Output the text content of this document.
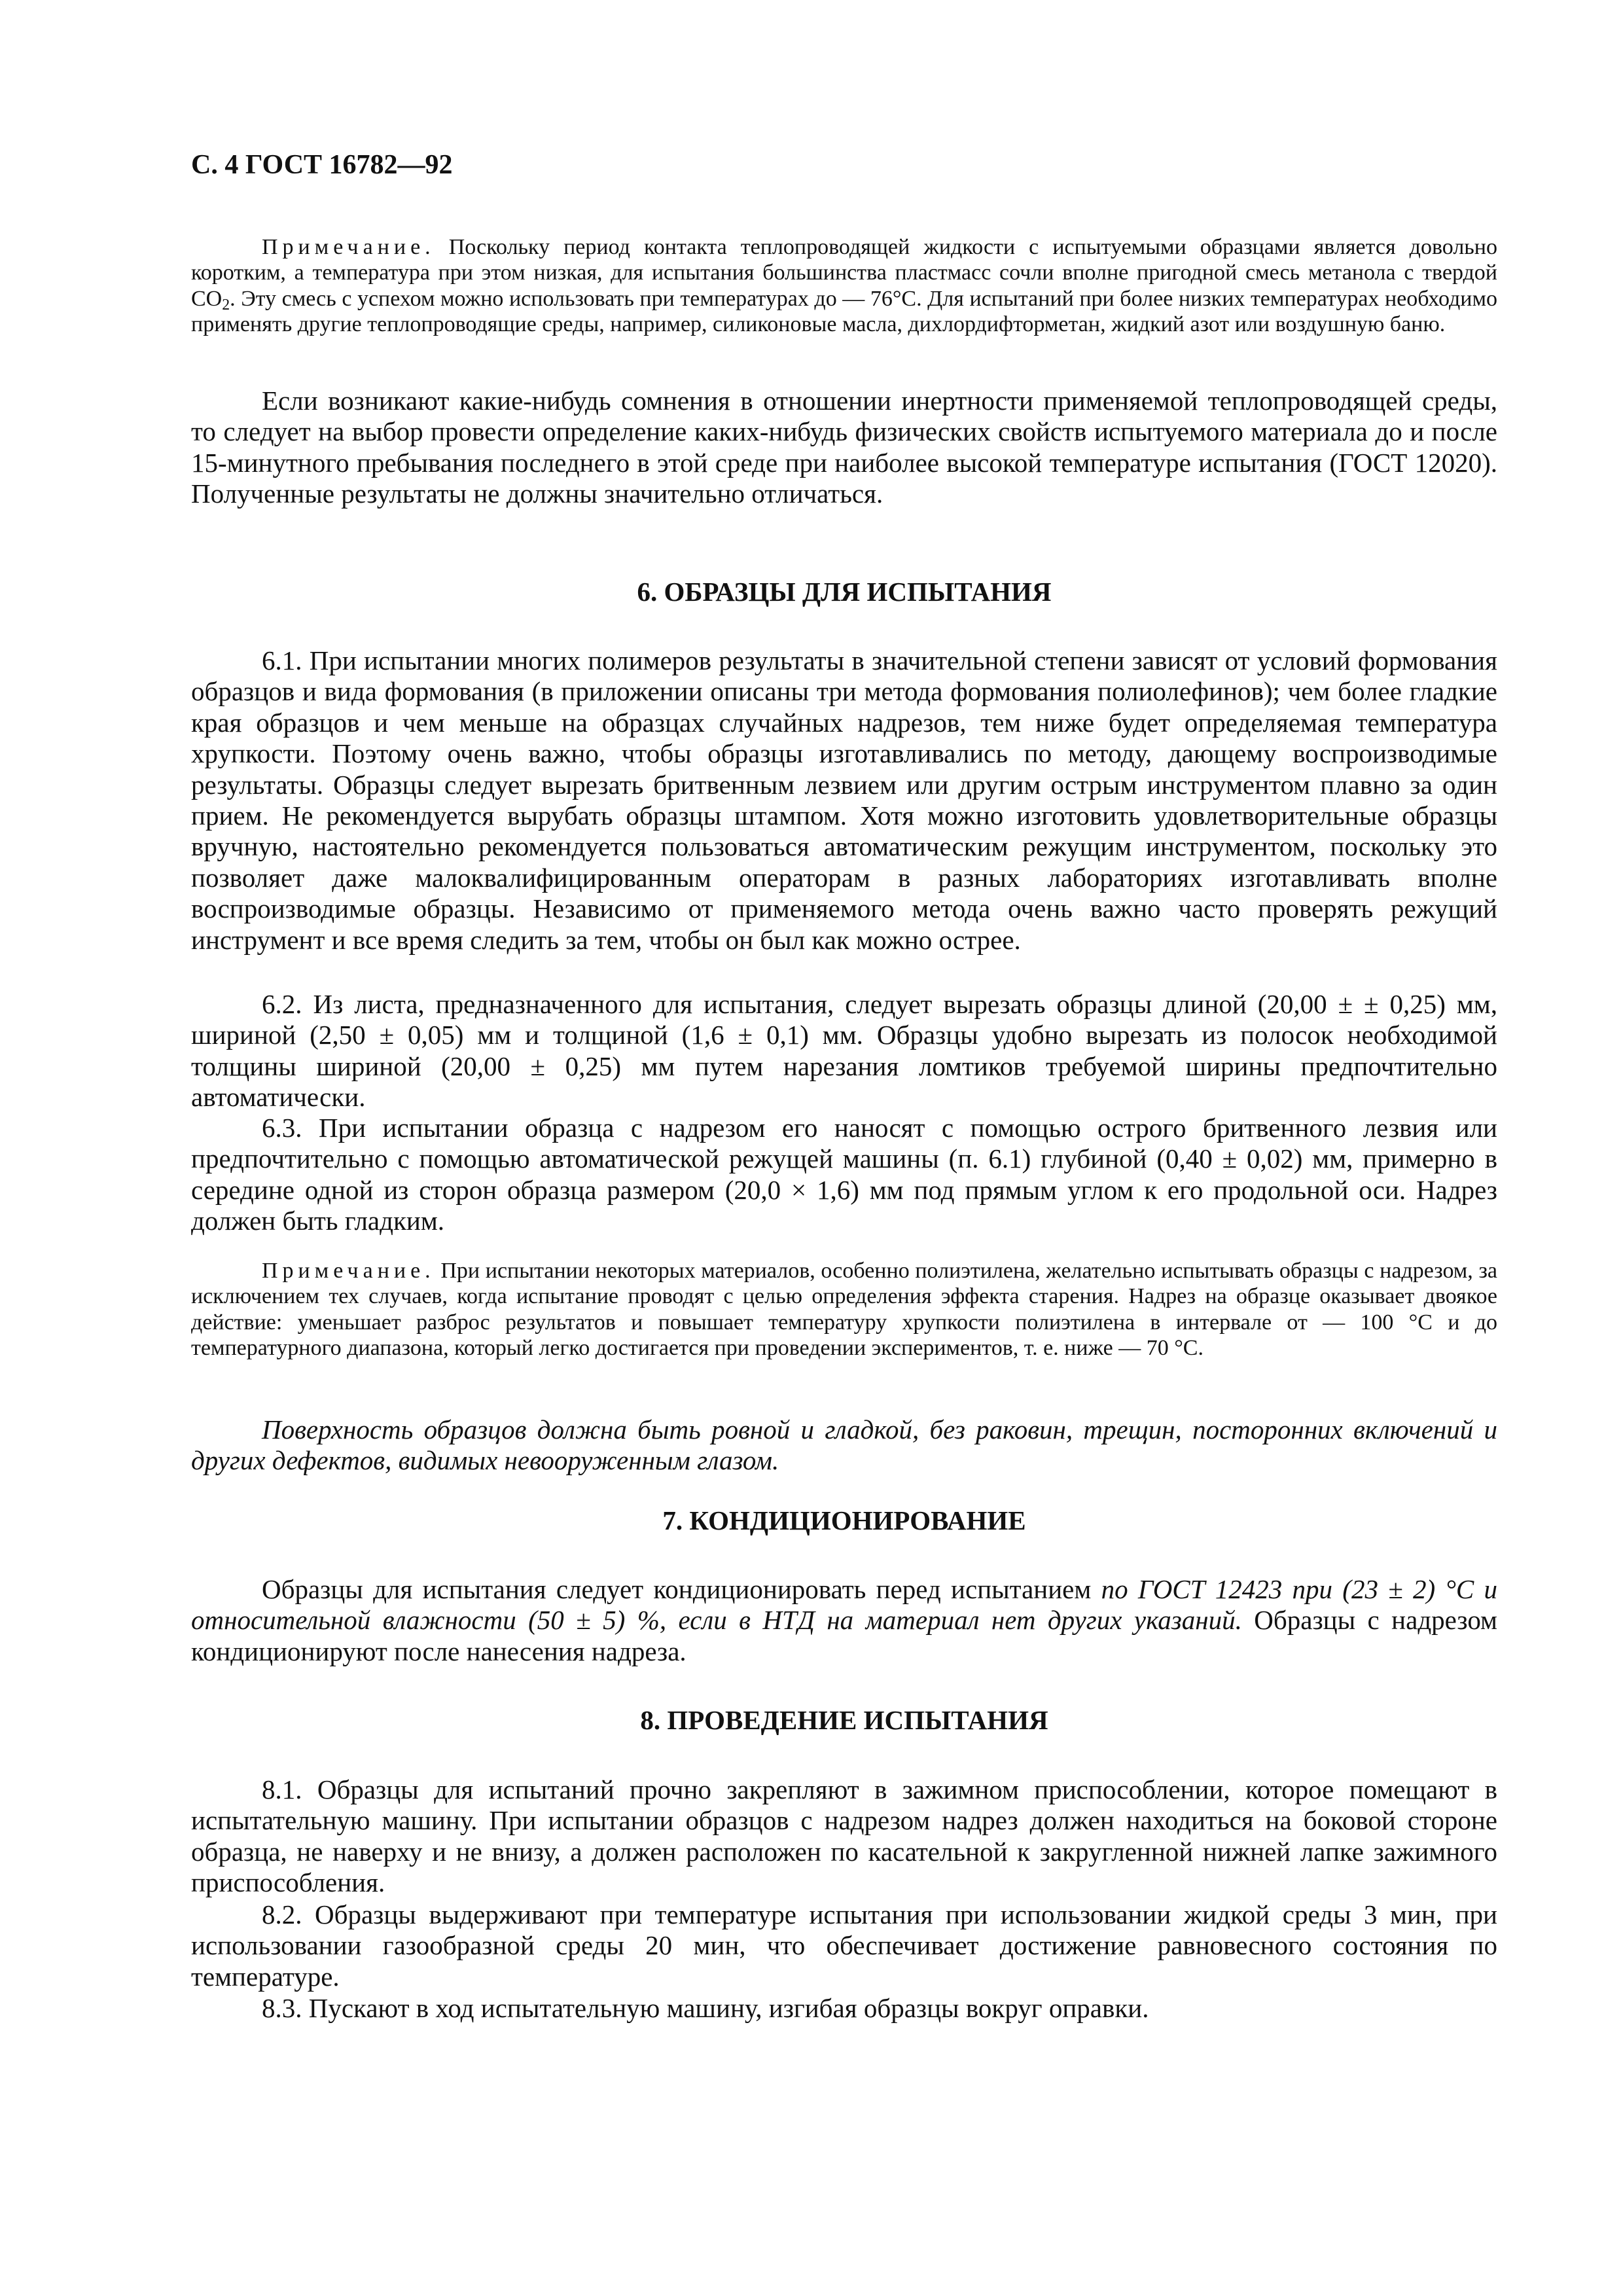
С. 4 ГОСТ 16782—92

Примечание. Поскольку период контакта теплопроводящей жидкости с испытуемыми образцами является довольно коротким, а температура при этом низкая, для испытания большинства пластмасс сочли вполне пригодной смесь метанола с твердой $CO_2$. Эту смесь с успехом можно использовать при температурах до — 76°С. Для испытаний при более низких температурах необходимо применять другие теплопроводящие среды, например, силиконовые масла, дихлордифторметан, жидкий азот или воздушную баню.

Если возникают какие-нибудь сомнения в отношении инертности применяемой теплопроводящей среды, то следует на выбор провести определение каких-нибудь физических свойств испытуемого материала до и после 15-минутного пребывания последнего в этой среде при наиболее высокой температуре испытания (ГОСТ 12020). Полученные результаты не должны значительно отличаться.

6. ОБРАЗЦЫ ДЛЯ ИСПЫТАНИЯ

6.1. При испытании многих полимеров результаты в значительной степени зависят от условий формования образцов и вида формования (в приложении описаны три метода формования полиолефинов); чем более гладкие края образцов и чем меньше на образцах случайных надрезов, тем ниже будет определяемая температура хрупкости. Поэтому очень важно, чтобы образцы изготавливались по методу, дающему воспроизводимые результаты. Образцы следует вырезать бритвенным лезвием или другим острым инструментом плавно за один прием. Не рекомендуется вырубать образцы штампом. Хотя можно изготовить удовлетворительные образцы вручную, настоятельно рекомендуется пользоваться автоматическим режущим инструментом, поскольку это позволяет даже малоквалифицированным операторам в разных лабораториях изготавливать вполне воспроизводимые образцы. Независимо от применяемого метода очень важно часто проверять режущий инструмент и все время следить за тем, чтобы он был как можно острее.

6.2. Из листа, предназначенного для испытания, следует вырезать образцы длиной (20,00 ± ± 0,25) мм, шириной (2,50 ± 0,05) мм и толщиной (1,6 ± 0,1) мм. Образцы удобно вырезать из полосок необходимой толщины шириной (20,00 ± 0,25) мм путем нарезания ломтиков требуемой ширины предпочтительно автоматически.

6.3. При испытании образца с надрезом его наносят с помощью острого бритвенного лезвия или предпочтительно с помощью автоматической режущей машины (п. 6.1) глубиной (0,40 ± 0,02) мм, примерно в середине одной из сторон образца размером (20,0 × 1,6) мм под прямым углом к его продольной оси. Надрез должен быть гладким.

Примечание. При испытании некоторых материалов, особенно полиэтилена, желательно испытывать образцы с надрезом, за исключением тех случаев, когда испытание проводят с целью определения эффекта старения. Надрез на образце оказывает двоякое действие: уменьшает разброс результатов и повышает температуру хрупкости полиэтилена в интервале от — 100 °С и до температурного диапазона, который легко достигается при проведении экспериментов, т. е. ниже — 70 °С.

Поверхность образцов должна быть ровной и гладкой, без раковин, трещин, посторонних включений и других дефектов, видимых невооруженным глазом.

7. КОНДИЦИОНИРОВАНИЕ

Образцы для испытания следует кондиционировать перед испытанием по ГОСТ 12423 при (23 ± 2) °С и относительной влажности (50 ± 5) %, если в НТД на материал нет других указаний. Образцы с надрезом кондиционируют после нанесения надреза.

8. ПРОВЕДЕНИЕ ИСПЫТАНИЯ

8.1. Образцы для испытаний прочно закрепляют в зажимном приспособлении, которое помещают в испытательную машину. При испытании образцов с надрезом надрез должен находиться на боковой стороне образца, не наверху и не внизу, а должен расположен по касательной к закругленной нижней лапке зажимного приспособления.

8.2. Образцы выдерживают при температуре испытания при использовании жидкой среды 3 мин, при использовании газообразной среды 20 мин, что обеспечивает достижение равновесного состояния по температуре.

8.3. Пускают в ход испытательную машину, изгибая образцы вокруг оправки.
